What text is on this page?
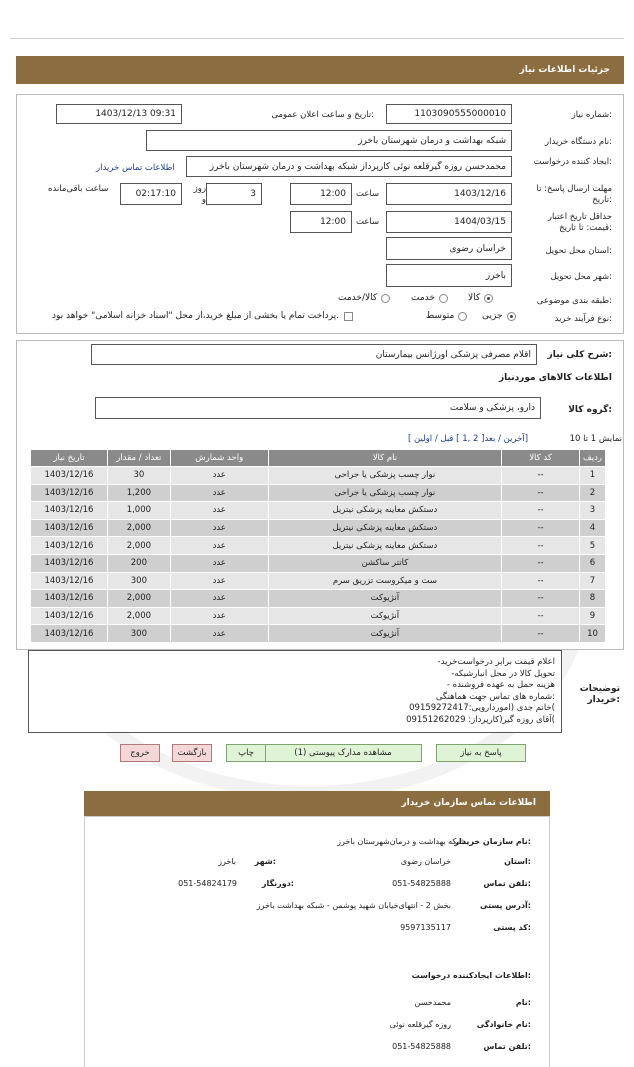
جزئیات اطلاعات نیاز
شماره نیاز:
1103090555000010
تاریخ و ساعت اعلان عمومی:
1403/12/13 09:31
نام دستگاه خریدار:
شبکه بهداشت و درمان شهرستان باخرز
ایجاد کننده درخواست:
محمدحسن روزه گیرقلعه نوئی کارپرداز شبکه بهداشت و درمان شهرستان باخرز
اطلاعات تماس خریدار
مهلت ارسال پاسخ: تا تاریخ:
1403/12/16
ساعت
12:00
روز و
3
02:17:10
ساعت باقی‌مانده
حداقل تاریخ اعتبار قیمت: تا تاریخ:
1404/03/15
ساعت
12:00
استان محل تحویل:
خراسان رضوی
شهر محل تحویل:
باخرز
طبقه بندی موضوعی:
کالا
خدمت
کالا/خدمت
نوع فرآیند خرید:
جزیی
متوسط
پرداخت تمام یا بخشی از مبلغ خرید،از محل "اسناد خزانه اسلامی" خواهد بود.
شرح کلی نیاز:
اقلام مصرفی پزشکی اورژانس بیمارستان
اطلاعات کالاهای موردنیاز
گروه کالا:
دارو، پزشکی و سلامت
نمایش 1 تا 10
[ آخرین / بعد[ 2 ,1 ] قبل / اولین]
تاریخ نیاز	تعداد / مقدار	واحد شمارش	نام کالا	کد کالا	ردیف
1403/12/16	30	عدد	نوار چسب پزشکی یا جراحی	--	1
1403/12/16	1,200	عدد	نوار چسب پزشکی یا جراحی	--	2
1403/12/16	1,000	عدد	دستکش معاینه پزشکی نیتریل	--	3
1403/12/16	2,000	عدد	دستکش معاینه پزشکی نیتریل	--	4
1403/12/16	2,000	عدد	دستکش معاینه پزشکی نیتریل	--	5
1403/12/16	200	عدد	کاتتر ساکشن	--	6
1403/12/16	300	عدد	ست و میکروست تزریق سرم	--	7
1403/12/16	2,000	عدد	آنژیوکت	--	8
1403/12/16	2,000	عدد	آنژیوکت	--	9
1403/12/16	300	عدد	آنژیوکت	--	10
توضیحات خریدار:
-اعلام قیمت برابر درخواست‌خرید
-تحویل کالا در محل انبارشبکه
- هزینه حمل به عهده فروشنده
شماره های تماس جهت هماهنگی:
خانم جدی (اموردارویی:09159272417(
آقای روزه گیر(کارپرداز: 09151262029(
پاسخ به نیاز
مشاهده مدارک پیوستی (1)
چاپ
بازگشت
خروج
اطلاعات تماس سازمان خریدار
نام سازمان خریدار:
شبکه بهداشت و درمان‌شهرستان باخرز
استان:
خراسان رضوی
شهر:
باخرز
تلفن تماس:
051-54825888
دورنگار:
051-54824179
آدرس پستی:
بخش 2 - انتهای‌خیابان شهید پوشمن - شبکه بهداشت باخرز
کد پستی:
9597135117
اطلاعات ایجادکننده درخواست:
نام:
محمدحسن
نام خانوادگی:
روزه گیرقلعه نوئی
تلفن تماس:
051-54825888
